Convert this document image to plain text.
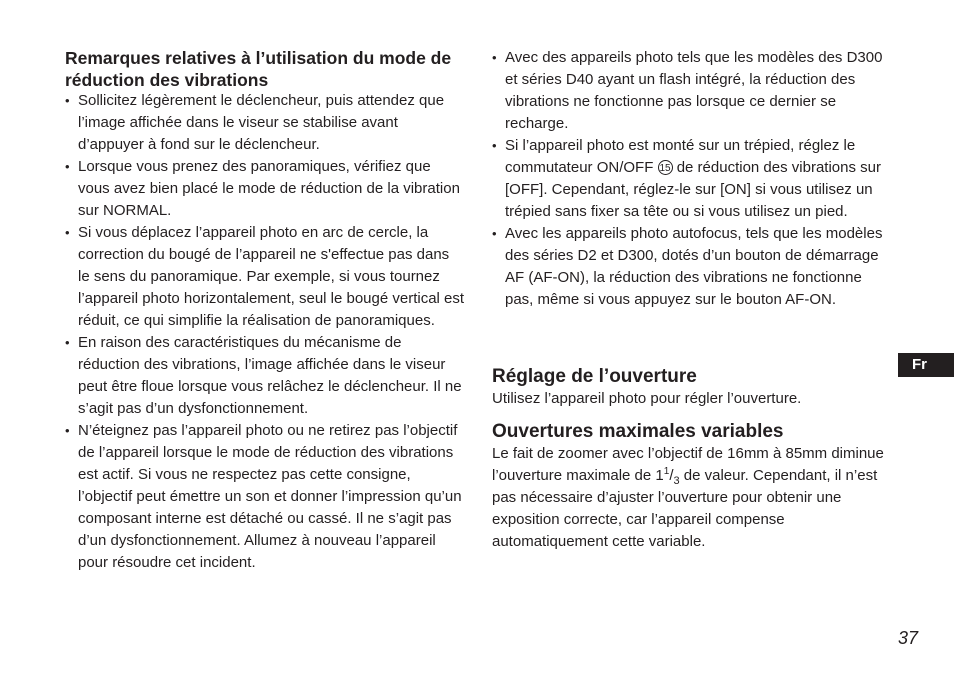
Remarques relatives à l’utilisation du mode de réduction des vibrations
• Sollicitez légèrement le déclencheur, puis attendez que l’image affichée dans le viseur se stabilise avant d’appuyer à fond sur le déclencheur.
• Lorsque vous prenez des panoramiques, vérifiez que vous avez bien placé le mode de réduction de la vibration sur NORMAL.
• Si vous déplacez l’appareil photo en arc de cercle, la correction du bougé de l’appareil ne s'effectue pas dans le sens du panoramique. Par exemple, si vous tournez l’appareil photo horizontalement, seul le bougé vertical est réduit, ce qui simplifie la réalisation de panoramiques.
• En raison des caractéristiques du mécanisme de réduction des vibrations, l’image affichée dans le viseur peut être floue lorsque vous relâchez le déclencheur. Il ne s’agit pas d’un dysfonctionnement.
• N’éteignez pas l’appareil photo ou ne retirez pas l’objectif de l’appareil lorsque le mode de réduction des vibrations est actif. Si vous ne respectez pas cette consigne, l’objectif peut émettre un son et donner l’impression qu’un composant interne est détaché ou cassé. Il ne s’agit pas d’un dysfonctionnement. Allumez à nouveau l’appareil pour résoudre cet incident.
• Avec des appareils photo tels que les modèles des D300 et séries D40 ayant un flash intégré, la réduction des vibrations ne fonctionne pas lorsque ce dernier se recharge.
• Si l’appareil photo est monté sur un trépied, réglez le commutateur ON/OFF 15 de réduction des vibrations sur [OFF]. Cependant, réglez-le sur [ON] si vous utilisez un trépied sans fixer sa tête ou si vous utilisez un pied.
• Avec les appareils photo autofocus, tels que les modèles des séries D2 et D300, dotés d’un bouton de démarrage AF (AF-ON), la réduction des vibrations ne fonctionne pas, même si vous appuyez sur le bouton AF-ON.
Réglage de l’ouverture

Utilisez l’appareil photo pour régler l’ouverture.

Ouvertures maximales variables

Le fait de zoomer avec l’objectif de 16mm à 85mm diminue l’ouverture maximale de $1^1/_3$ de valeur. Cependant, il n’est pas nécessaire d’ajuster l’ouverture pour obtenir une exposition correcte, car l’appareil compense automatiquement cette variable.

Fr
37
